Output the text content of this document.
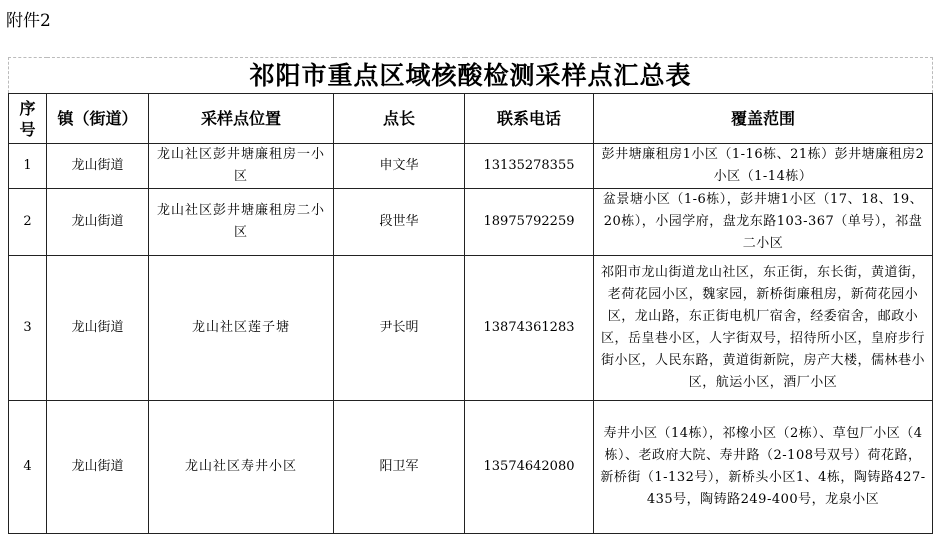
附件2
祁阳市重点区域核酸检测采样点汇总表					
序号	镇（街道）	采样点位置	点长	联系电话	覆盖范围
1	龙山街道	龙山社区彭井塘廉租房一小区	申文华	13135278355	彭井塘廉租房1小区（1-16栋、21栋）彭井塘廉租房2小区（1-14栋）
2	龙山街道	龙山社区彭井塘廉租房二小区	段世华	18975792259	盆景塘小区（1-6栋），彭井塘1小区（17、18、19、20栋），小园学府，盘龙东路103-367（单号），祁盘二小区
3	龙山街道	龙山社区莲子塘	尹长明	13874361283	祁阳市龙山街道龙山社区，东正街，东长街，黄道街，老荷花园小区，魏家园，新桥街廉租房，新荷花园小区，龙山路，东正街电机厂宿舍，经委宿舍，邮政小区，岳皇巷小区，人字街双号，招待所小区，皇府步行街小区，人民东路，黄道街新院，房产大楼，儒林巷小区，航运小区，酒厂小区
4	龙山街道	龙山社区寿井小区	阳卫军	13574642080	寿井小区（14栋），祁橡小区（2栋）、草包厂小区（4栋）、老政府大院、寿井路（2-108号双号）荷花路，新桥街（1-132号），新桥头小区1、4栋，陶铸路427-435号，陶铸路249-400号，龙泉小区
